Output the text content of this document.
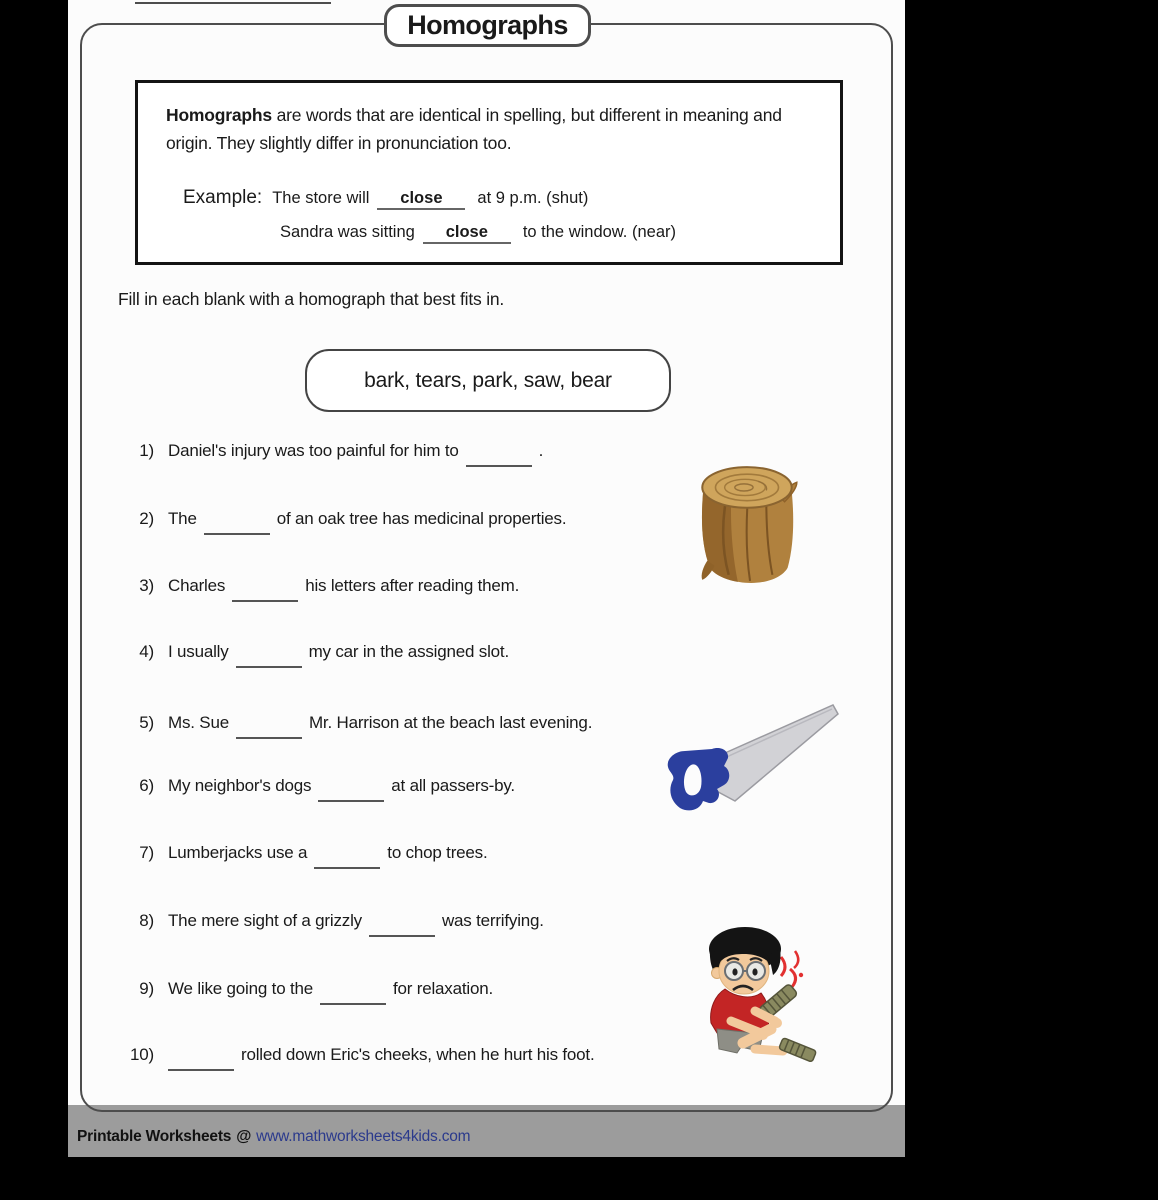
Homographs are words that are identical in spelling, but different in meaning and origin. They slightly differ in pronunciation too.
Example: The store will close at 9 p.m. (shut)
Sandra was sitting close to the window. (near)
Fill in each blank with a homograph that best fits in.
bark, tears, park, saw, bear
1) Daniel's injury was too painful for him to	.
2) The	of an oak tree has medicinal properties.
3) Charles	his letters after reading them.
4) I usually	my car in the assigned slot.
5) Ms. Sue	Mr. Harrison at the beach last evening.
6) My neighbor's dogs	at all passers-by.
7) Lumberjacks use a	to chop trees.
8) The mere sight of a grizzly	was terrifying.
9) We like going to the	for relaxation.
10)	rolled down Eric's cheeks, when he hurt his foot.
Printable Worksheets @ www.mathworksheets4kids.com
Homographs
